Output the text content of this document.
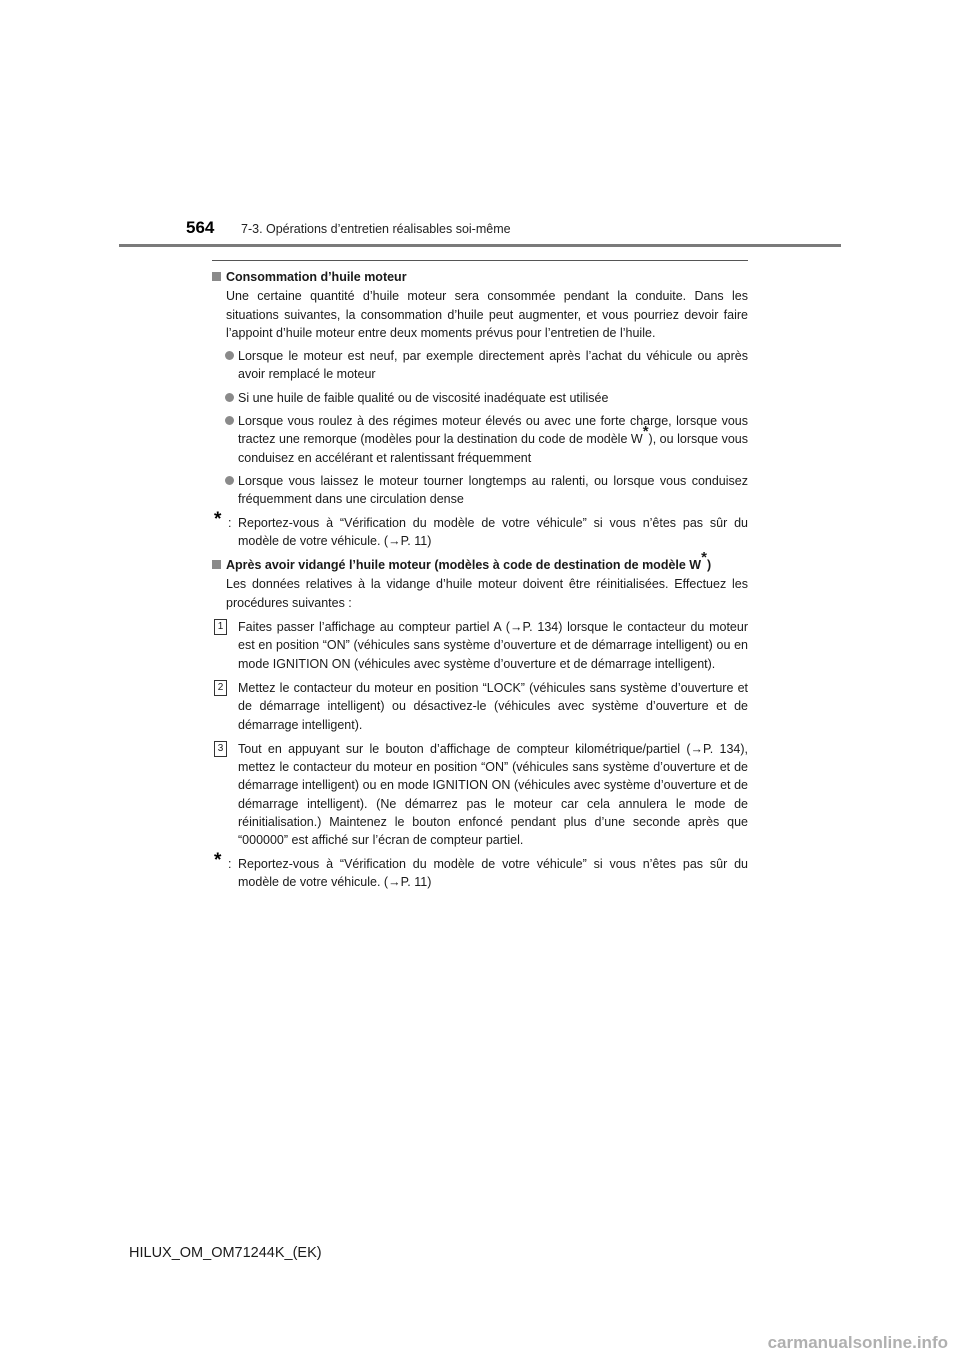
564 7-3. Opérations d’entretien réalisables soi-même
Consommation d’huile moteur
Une certaine quantité d’huile moteur sera consommée pendant la conduite. Dans les situations suivantes, la consommation d’huile peut augmenter, et vous pourriez devoir faire l’appoint d’huile moteur entre deux moments prévus pour l’entretien de l’huile.
Lorsque le moteur est neuf, par exemple directement après l’achat du véhicule ou après avoir remplacé le moteur
Si une huile de faible qualité ou de viscosité inadéquate est utilisée
Lorsque vous roulez à des régimes moteur élevés ou avec une forte charge, lorsque vous tractez une remorque (modèles pour la destination du code de modèle W*), ou lorsque vous conduisez en accélérant et ralentissant fréquemment
Lorsque vous laissez le moteur tourner longtemps au ralenti, ou lorsque vous conduisez fréquemment dans une circulation dense
* : Reportez-vous à “Vérification du modèle de votre véhicule” si vous n’êtes pas sûr du modèle de votre véhicule. (→P. 11)
Après avoir vidangé l’huile moteur (modèles à code de destination de modèle W*)
Les données relatives à la vidange d’huile moteur doivent être réinitialisées. Effectuez les procédures suivantes :
1 Faites passer l’affichage au compteur partiel A (→P. 134) lorsque le contacteur du moteur est en position “ON” (véhicules sans système d’ouverture et de démarrage intelligent) ou en mode IGNITION ON (véhicules avec système d’ouverture et de démarrage intelligent).
2 Mettez le contacteur du moteur en position “LOCK” (véhicules sans système d’ouverture et de démarrage intelligent) ou désactivez-le (véhicules avec système d’ouverture et de démarrage intelligent).
3 Tout en appuyant sur le bouton d’affichage de compteur kilométrique/partiel (→P. 134), mettez le contacteur du moteur en position “ON” (véhicules sans système d’ouverture et de démarrage intelligent) ou en mode IGNITION ON (véhicules avec système d’ouverture et de démarrage intelligent). (Ne démarrez pas le moteur car cela annulera le mode de réinitialisation.) Maintenez le bouton enfoncé pendant plus d’une seconde après que “000000” est affiché sur l’écran de compteur partiel.
* : Reportez-vous à “Vérification du modèle de votre véhicule” si vous n’êtes pas sûr du modèle de votre véhicule. (→P. 11)
HILUX_OM_OM71244K_(EK)
carmanualsonline.info
